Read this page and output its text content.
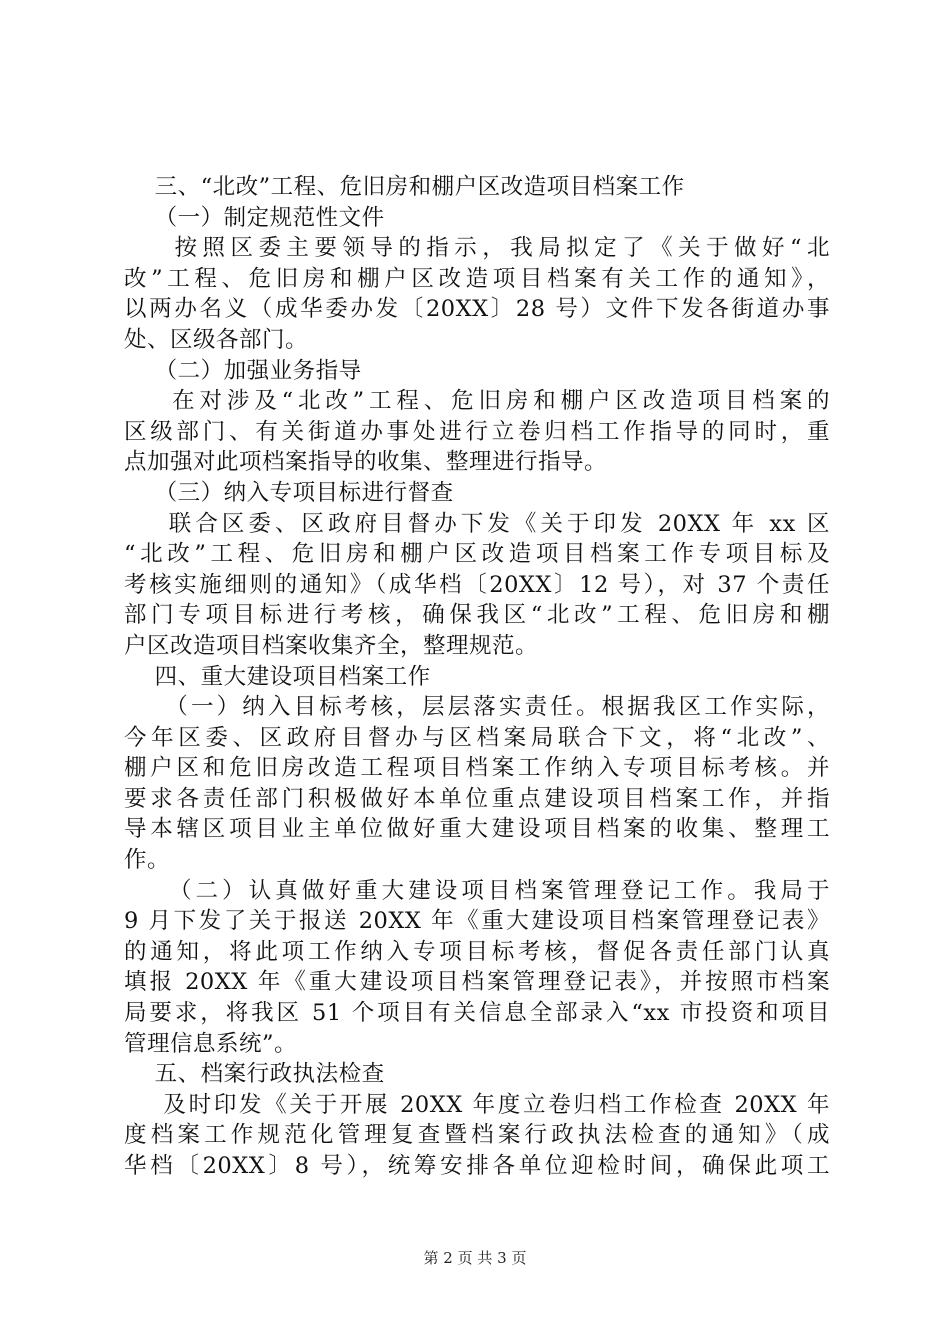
三、“北改”工程、危旧房和棚户区改造项目档案工作
（一）制定规范性文件
按照区委主要领导的指示，我局拟定了《关于做好“北
改”工程、危旧房和棚户区改造项目档案有关工作的通知》，
以两办名义（成华委办发〔20XX〕28 号）文件下发各街道办事
处、区级各部门。
（二）加强业务指导
在对涉及“北改”工程、危旧房和棚户区改造项目档案的
区级部门、有关街道办事处进行立卷归档工作指导的同时，重
点加强对此项档案指导的收集、整理进行指导。
（三）纳入专项目标进行督查
联合区委、区政府目督办下发《关于印发 20XX 年 xx 区
“北改”工程、危旧房和棚户区改造项目档案工作专项目标及
考核实施细则的通知》（成华档〔20XX〕12 号），对 37 个责任
部门专项目标进行考核，确保我区“北改”工程、危旧房和棚
户区改造项目档案收集齐全，整理规范。
四、重大建设项目档案工作
（一）纳入目标考核，层层落实责任。根据我区工作实际，
今年区委、区政府目督办与区档案局联合下文，将“北改”、
棚户区和危旧房改造工程项目档案工作纳入专项目标考核。并
要求各责任部门积极做好本单位重点建设项目档案工作，并指
导本辖区项目业主单位做好重大建设项目档案的收集、整理工
作。
（二）认真做好重大建设项目档案管理登记工作。我局于
9 月下发了关于报送 20XX 年《重大建设项目档案管理登记表》
的通知，将此项工作纳入专项目标考核，督促各责任部门认真
填报 20XX 年《重大建设项目档案管理登记表》，并按照市档案
局要求，将我区 51 个项目有关信息全部录入“xx 市投资和项目
管理信息系统”。
五、档案行政执法检查
及时印发《关于开展 20XX 年度立卷归档工作检查 20XX 年
度档案工作规范化管理复查暨档案行政执法检查的通知》（成
华档〔20XX〕8 号），统筹安排各单位迎检时间，确保此项工
第 2 页 共 3 页
